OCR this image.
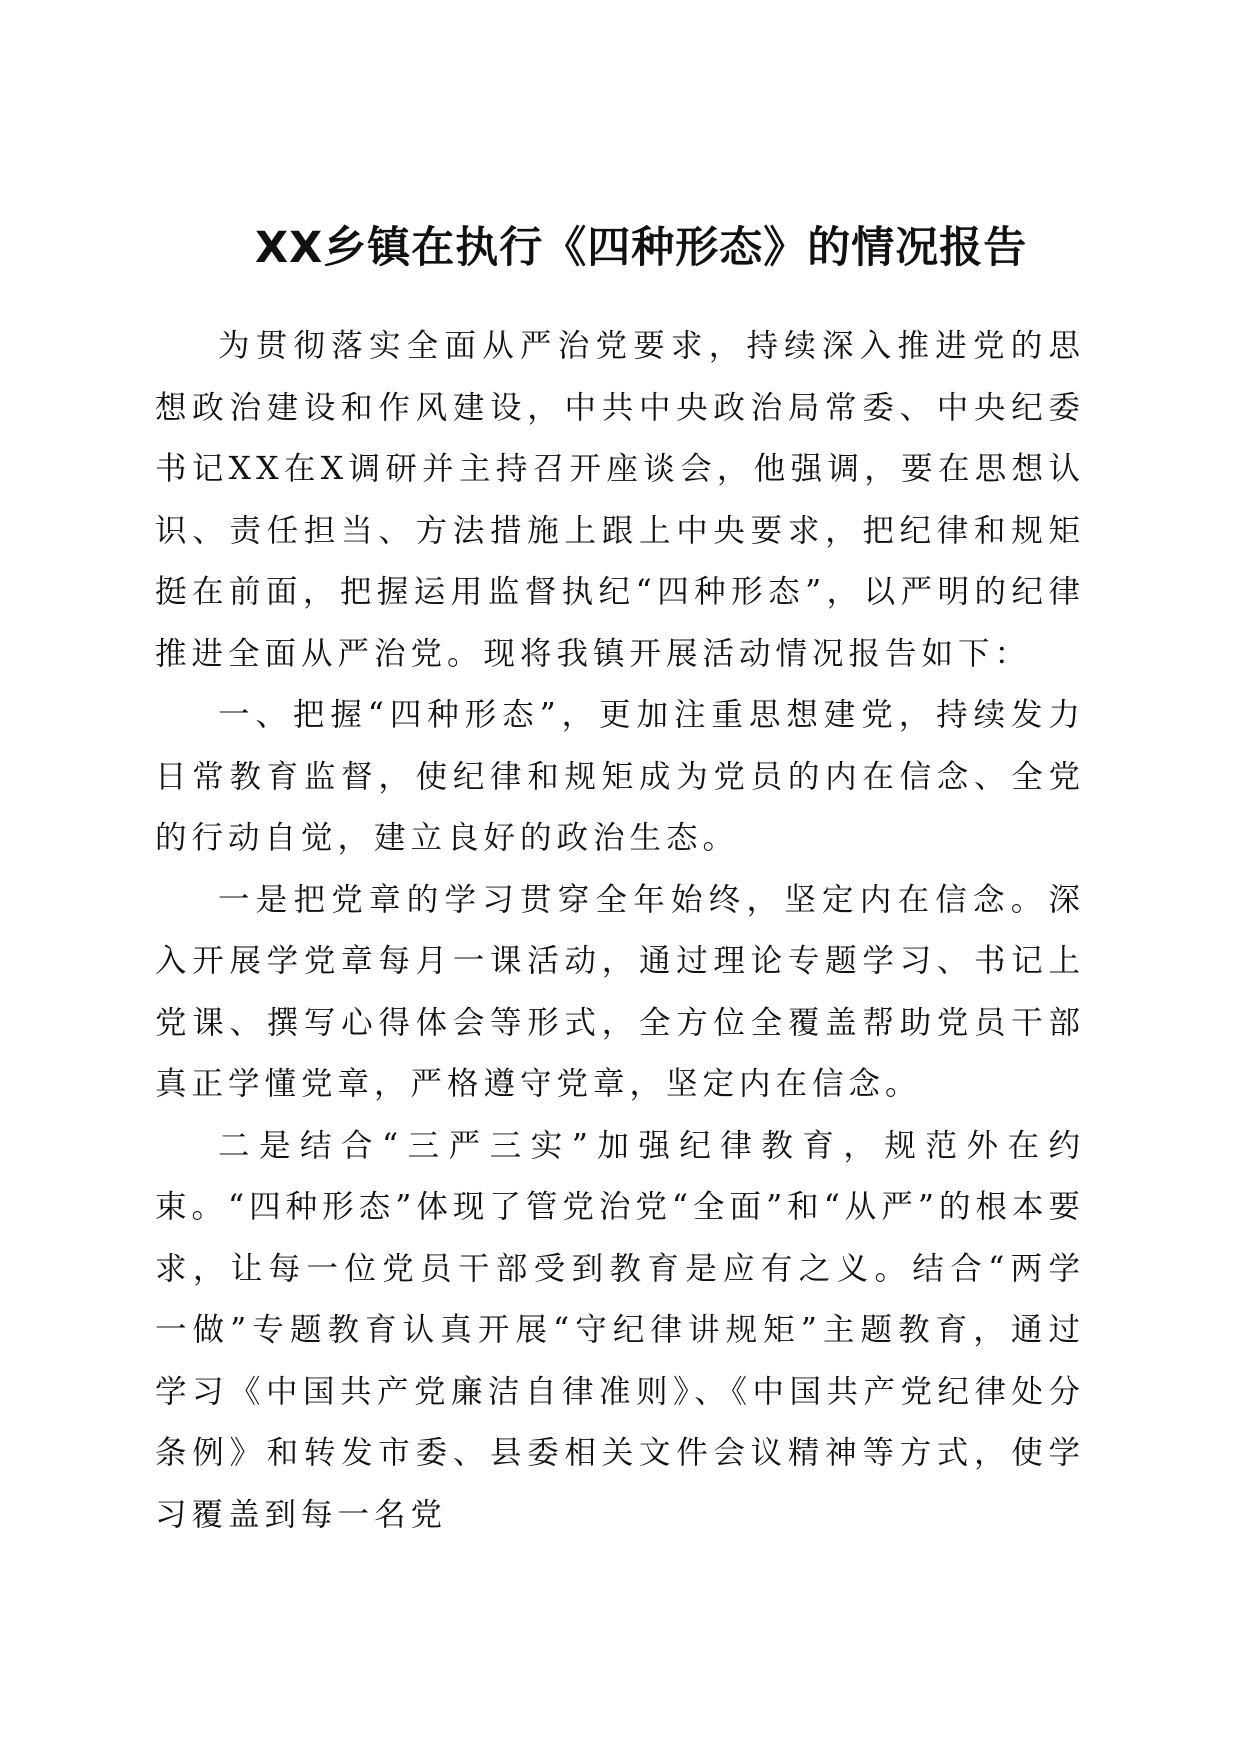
XX乡镇在执行《四种形态》的情况报告

为贯彻落实全面从严治党要求，持续深入推进党的思想政治建设和作风建设，中共中央政治局常委、中央纪委书记XX在X调研并主持召开座谈会，他强调，要在思想认识、责任担当、方法措施上跟上中央要求，把纪律和规矩挺在前面，把握运用监督执纪“四种形态”，以严明的纪律推进全面从严治党。现将我镇开展活动情况报告如下：

一、把握“四种形态”，更加注重思想建党，持续发力日常教育监督，使纪律和规矩成为党员的内在信念、全党的行动自觉，建立良好的政治生态。

一是把党章的学习贯穿全年始终，坚定内在信念。深入开展学党章每月一课活动，通过理论专题学习、书记上党课、撰写心得体会等形式，全方位全覆盖帮助党员干部真正学懂党章，严格遵守党章，坚定内在信念。

二是结合“三严三实”加强纪律教育，规范外在约束。“四种形态”体现了管党治党“全面”和“从严”的根本要求，让每一位党员干部受到教育是应有之义。结合“两学一做”专题教育认真开展“守纪律讲规矩”主题教育，通过学习《中国共产党廉洁自律准则》、《中国共产党纪律处分条例》和转发市委、县委相关文件会议精神等方式，使学习覆盖到每一名党
